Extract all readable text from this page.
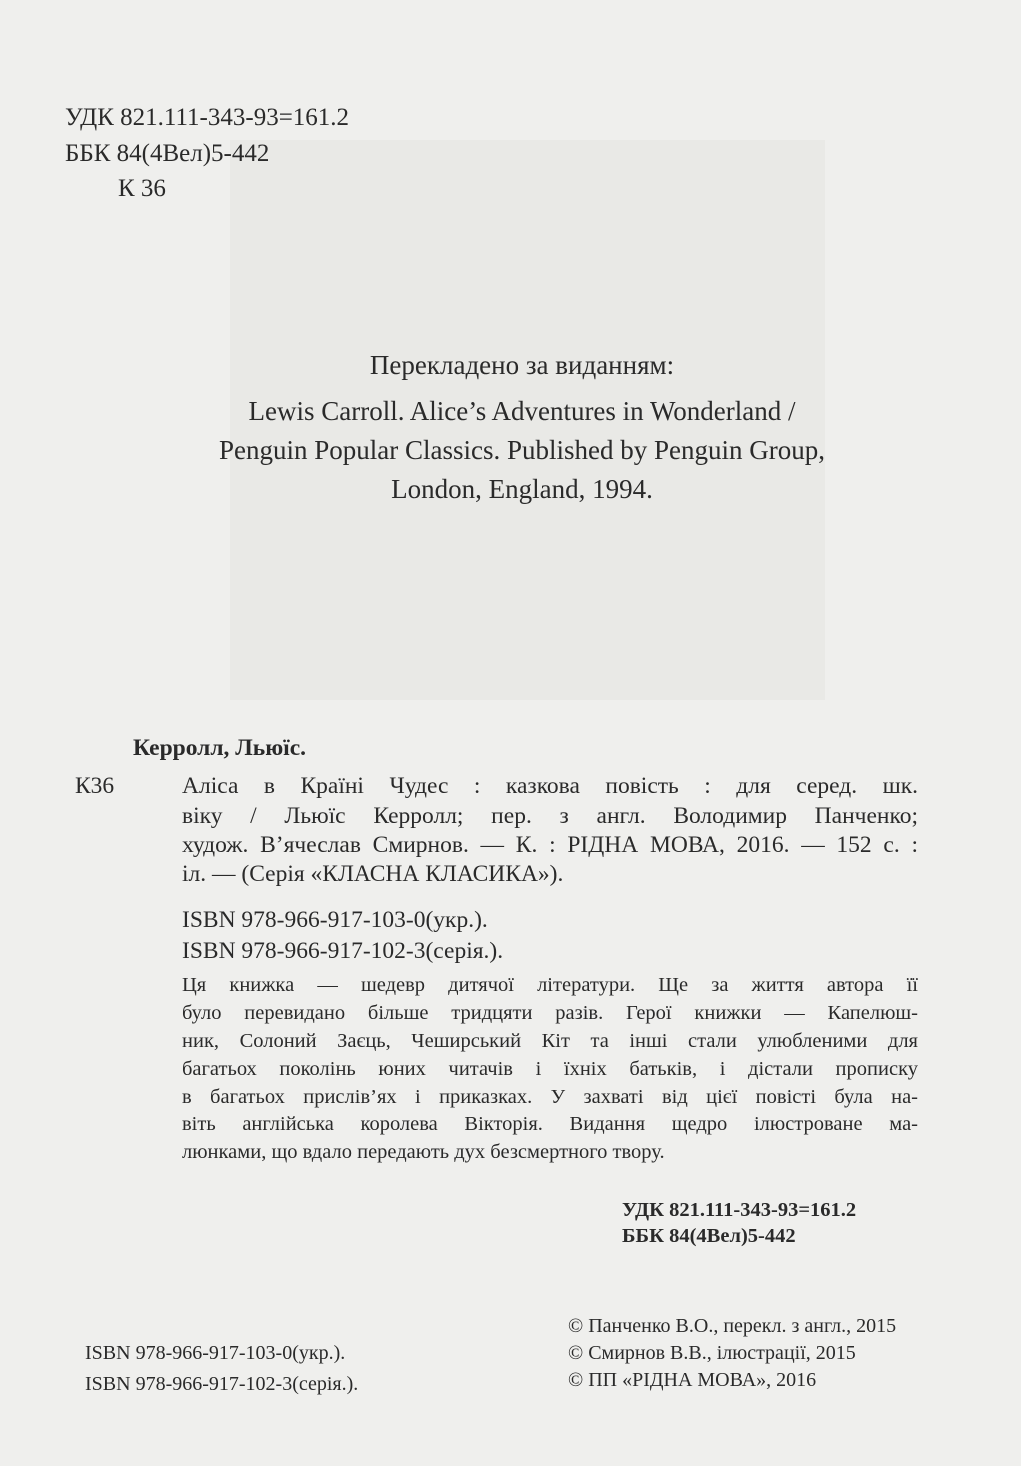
УДК 821.111-343-93=161.2
ББК 84(4Вел)5-442
К 36
Перекладено за виданням:
Lewis Carroll. Alice’s Adventures in Wonderland /
Penguin Popular Classics. Published by Penguin Group,
London, England, 1994.
Керролл, Льюїс.
К36	Аліса в Країні Чудес : казкова повість : для серед. шк.
віку / Льюїс Керролл; пер. з англ. Володимир Панченко;
худож. В’ячеслав Смирнов. — К. : РІДНА МОВА, 2016. — 152 с. :
іл. — (Серія «КЛАСНА КЛАСИКА»).
ISBN 978-966-917-103-0(укр.).
ISBN 978-966-917-102-3(серія.).
Ця книжка — шедевр дитячої літератури. Ще за життя автора її
було перевидано більше тридцяти разів. Герої книжки — Капелюш-
ник, Солоний Заєць, Чеширський Кіт та інші стали улюбленими для
багатьох поколінь юних читачів і їхніх батьків, і дістали прописку
в багатьох прислів’ях і приказках. У захваті від цієї повісті була на-
віть англійська королева Вікторія. Видання щедро ілюстроване ма-
люнками, що вдало передають дух безсмертного твору.
УДК 821.111-343-93=161.2
ББК 84(4Вел)5-442
© Панченко В.О., перекл. з англ., 2015
© Смирнов В.В., ілюстрації, 2015
© ПП «РІДНА МОВА», 2016
ISBN 978-966-917-103-0(укр.).
ISBN 978-966-917-102-3(серія.).
